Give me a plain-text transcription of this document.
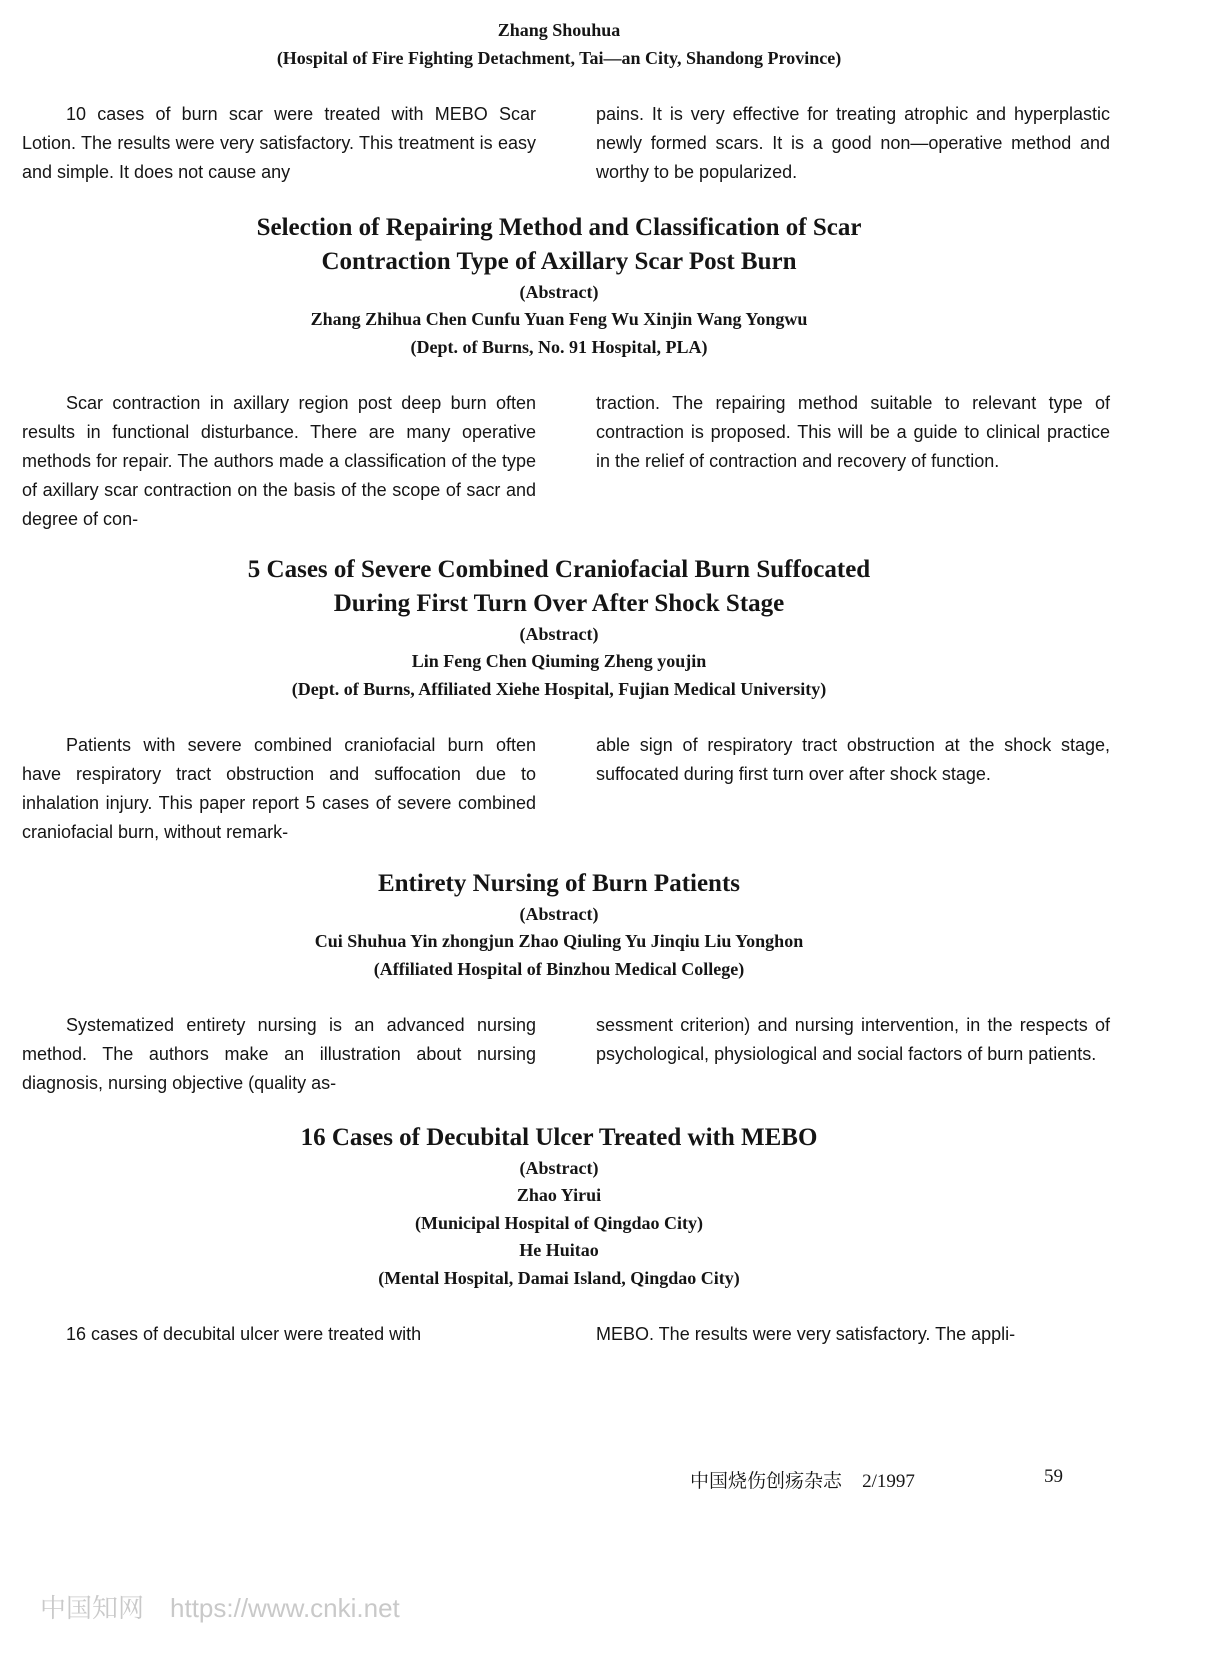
Zhang Shouhua
(Hospital of Fire Fighting Detachment, Tai—an City, Shandong Province)

10 cases of burn scar were treated with MEBO Scar Lotion. The results were very satisfactory. This treatment is easy and simple. It does not cause any

pains. It is very effective for treating atrophic and hyperplastic newly formed scars. It is a good non—operative method and worthy to be popularized.

Selection of Repairing Method and Classification of Scar
Contraction Type of Axillary Scar Post Burn
(Abstract)
Zhang Zhihua Chen Cunfu Yuan Feng Wu Xinjin Wang Yongwu
(Dept. of Burns, No. 91 Hospital, PLA)

Scar contraction in axillary region post deep burn often results in functional disturbance. There are many operative methods for repair. The authors made a classification of the type of axillary scar contraction on the basis of the scope of sacr and degree of con-

traction. The repairing method suitable to relevant type of contraction is proposed. This will be a guide to clinical practice in the relief of contraction and recovery of function.

5 Cases of Severe Combined Craniofacial Burn Suffocated
During First Turn Over After Shock Stage
(Abstract)
Lin Feng Chen Qiuming Zheng youjin
(Dept. of Burns, Affiliated Xiehe Hospital, Fujian Medical University)

Patients with severe combined craniofacial burn often have respiratory tract obstruction and suffocation due to inhalation injury. This paper report 5 cases of severe combined craniofacial burn, without remark-

able sign of respiratory tract obstruction at the shock stage, suffocated during first turn over after shock stage.

Entirety Nursing of Burn Patients
(Abstract)
Cui Shuhua Yin zhongjun Zhao Qiuling Yu Jinqiu Liu Yonghon
(Affiliated Hospital of Binzhou Medical College)

Systematized entirety nursing is an advanced nursing method. The authors make an illustration about nursing diagnosis, nursing objective (quality as-

sessment criterion) and nursing intervention, in the respects of psychological, physiological and social factors of burn patients.

16 Cases of Decubital Ulcer Treated with MEBO
(Abstract)
Zhao Yirui
(Municipal Hospital of Qingdao City)
He Huitao
(Mental Hospital, Damai Island, Qingdao City)

16 cases of decubital ulcer were treated with	MEBO. The results were very satisfactory. The appli-

中国烧伤创疡杂志 2/1997	59
中国知网 https://www.cnki.net
